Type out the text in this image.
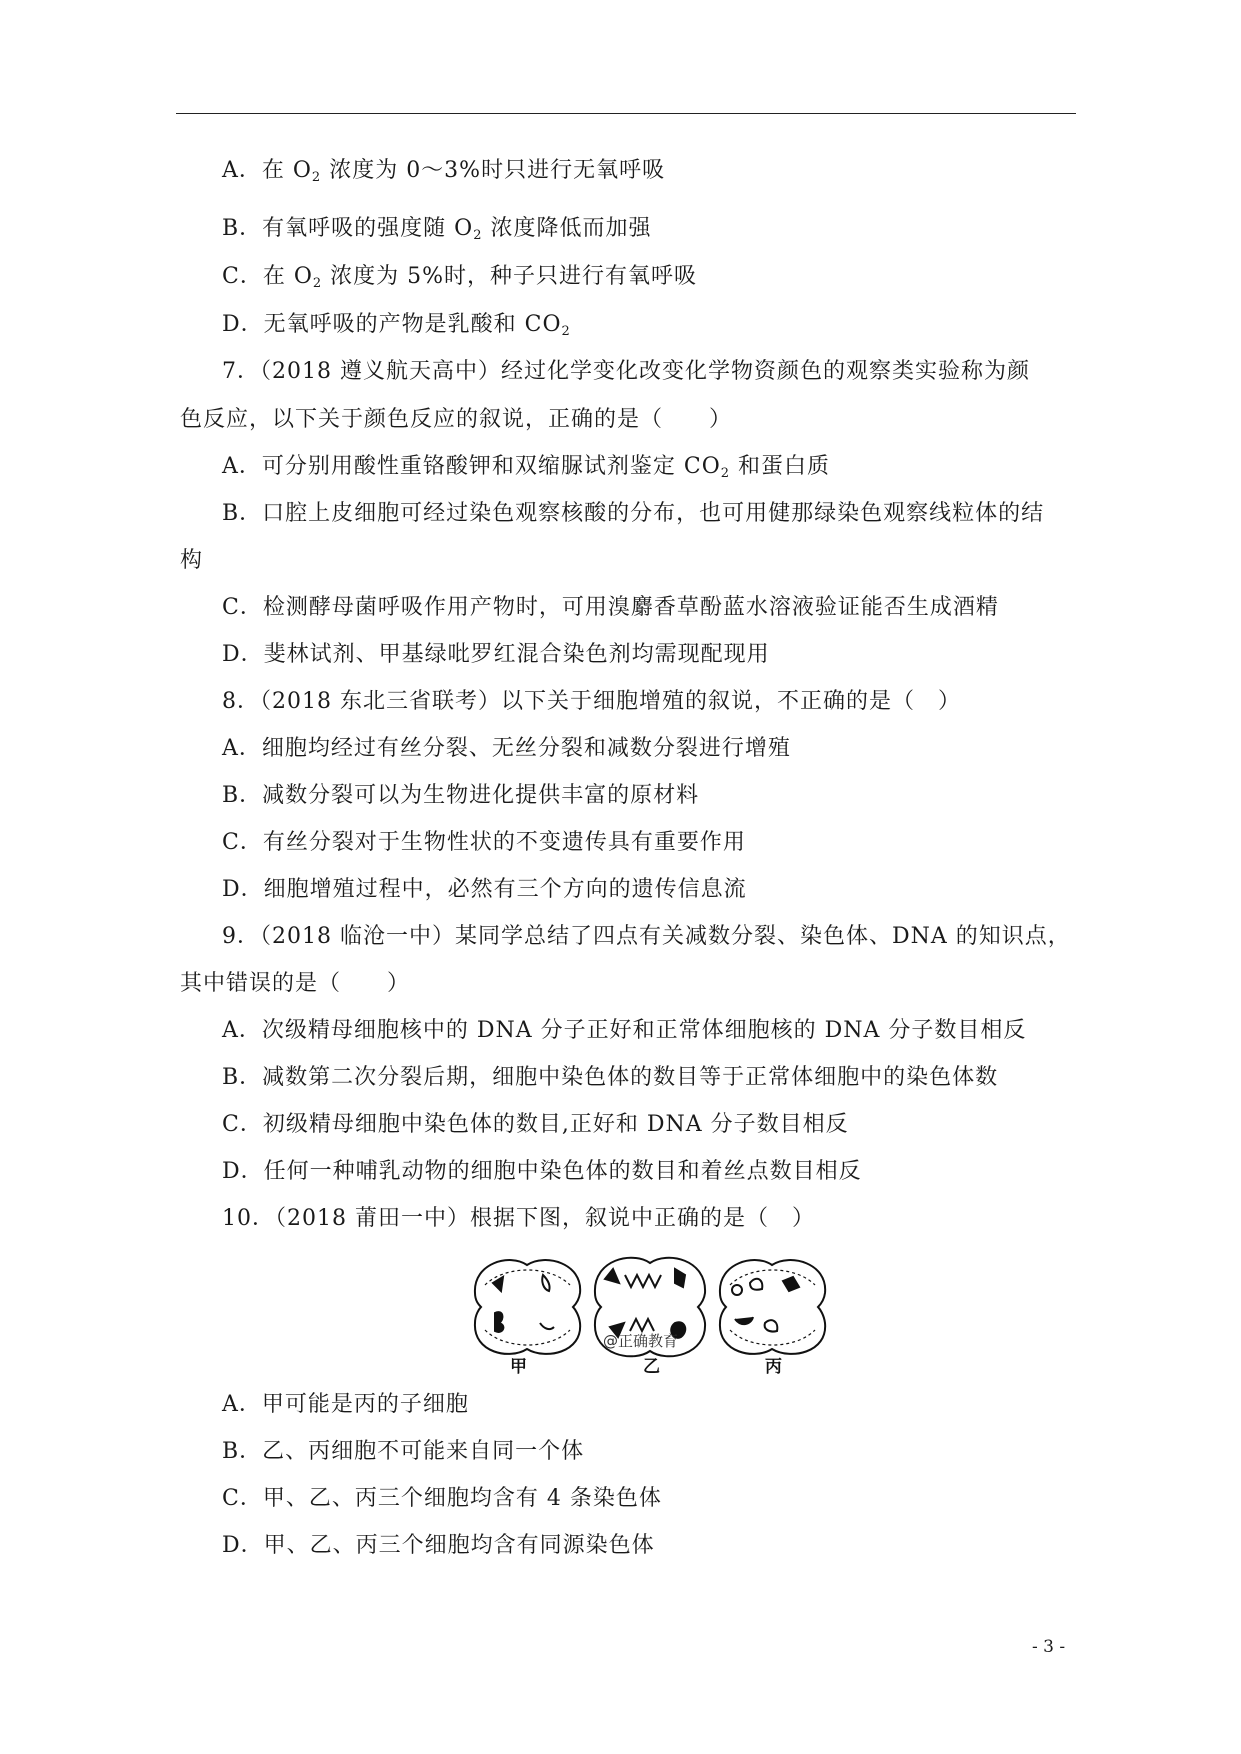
A．在 $O_2$ 浓度为 0～3%时只进行无氧呼吸
B．有氧呼吸的强度随 $O_2$ 浓度降低而加强
C．在 $O_2$ 浓度为 5%时，种子只进行有氧呼吸
D．无氧呼吸的产物是乳酸和 $CO_2$
7．（2018 遵义航天高中）经过化学变化改变化学物资颜色的观察类实验称为颜
色反应，以下关于颜色反应的叙说，正确的是（　　）
A．可分别用酸性重铬酸钾和双缩脲试剂鉴定 $CO_2$ 和蛋白质
B．口腔上皮细胞可经过染色观察核酸的分布，也可用健那绿染色观察线粒体的结
构
C．检测酵母菌呼吸作用产物时，可用溴麝香草酚蓝水溶液验证能否生成酒精
D．斐林试剂、甲基绿吡罗红混合染色剂均需现配现用
8．（2018 东北三省联考）以下关于细胞增殖的叙说，不正确的是（　）
A．细胞均经过有丝分裂、无丝分裂和减数分裂进行增殖
B．减数分裂可以为生物进化提供丰富的原材料
C．有丝分裂对于生物性状的不变遗传具有重要作用
D．细胞增殖过程中，必然有三个方向的遗传信息流
9．（2018 临沧一中）某同学总结了四点有关减数分裂、染色体、DNA 的知识点，
其中错误的是（　　）
A．次级精母细胞核中的 DNA 分子正好和正常体细胞核的 DNA 分子数目相反
B．减数第二次分裂后期，细胞中染色体的数目等于正常体细胞中的染色体数
C．初级精母细胞中染色体的数目,正好和 DNA 分子数目相反
D．任何一种哺乳动物的细胞中染色体的数目和着丝点数目相反
10．（2018 莆田一中）根据下图，叙说中正确的是（　）
@正确教育
甲	乙	丙
A．甲可能是丙的子细胞
B．乙、丙细胞不可能来自同一个体
C．甲、乙、丙三个细胞均含有 4 条染色体
D．甲、乙、丙三个细胞均含有同源染色体
- 3 -
